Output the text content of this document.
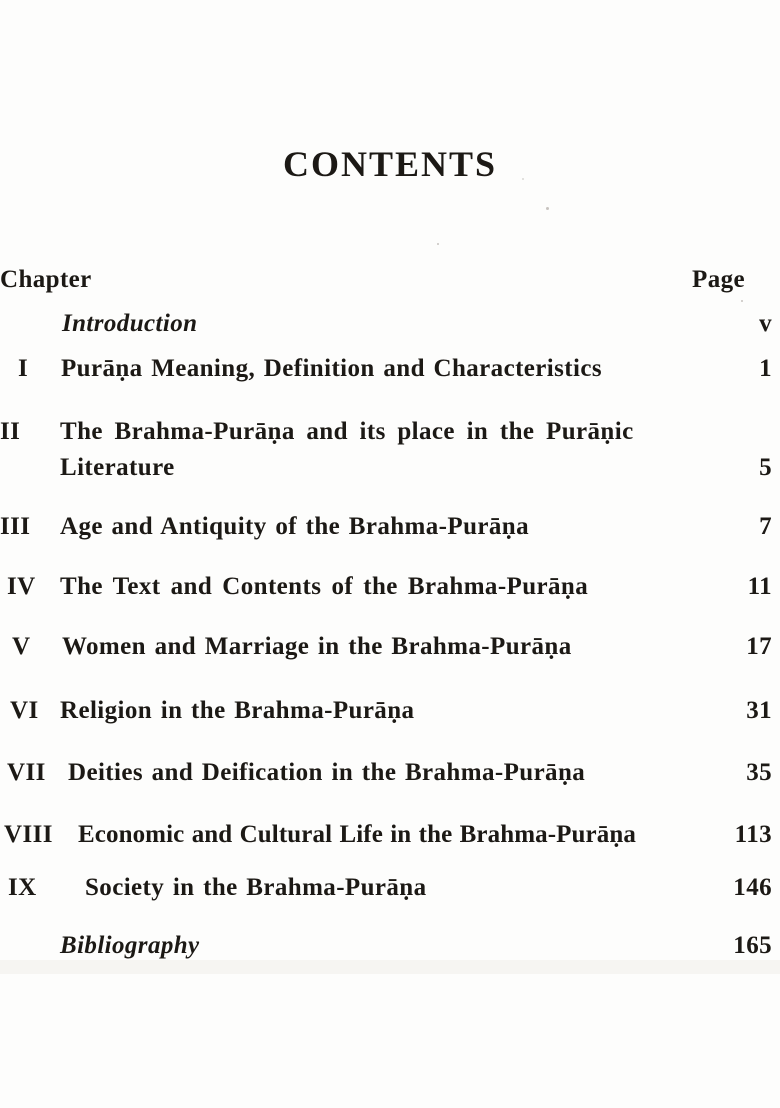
CONTENTS
Chapter	Page
Introduction	v
I Purāṇa Meaning, Definition and Characteristics	1
II The Brahma-Purāṇa and its place in the Purāṇic
Literature	5
III Age and Antiquity of the Brahma-Purāṇa	7
IV The Text and Contents of the Brahma-Purāṇa	11
V Women and Marriage in the Brahma-Purāṇa	17
VI Religion in the Brahma-Purāṇa	31
VII Deities and Deification in the Brahma-Purāṇa	35
VIII Economic and Cultural Life in the Brahma-Purāṇa	113
IX Society in the Brahma-Purāṇa	146
Bibliography	165
